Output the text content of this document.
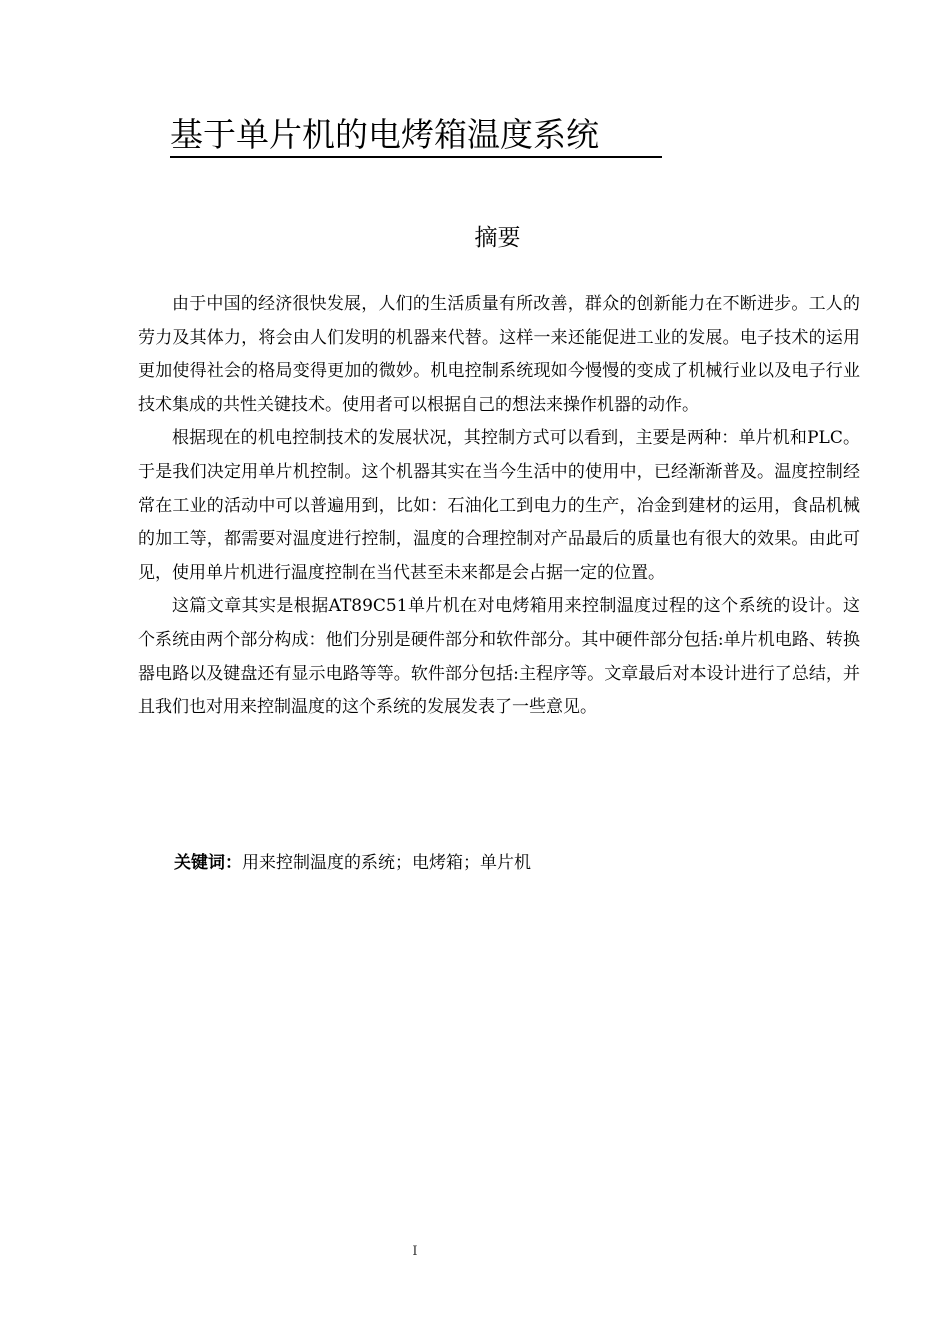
基于单片机的电烤箱温度系统
摘要

由于中国的经济很快发展，人们的生活质量有所改善，群众的创新能力在不断进步。工人的劳力及其体力，将会由人们发明的机器来代替。这样一来还能促进工业的发展。电子技术的运用更加使得社会的格局变得更加的微妙。机电控制系统现如今慢慢的变成了机械行业以及电子行业技术集成的共性关键技术。使用者可以根据自己的想法来操作机器的动作。

根据现在的机电控制技术的发展状况，其控制方式可以看到，主要是两种：单片机和PLC。于是我们决定用单片机控制。这个机器其实在当今生活中的使用中，已经渐渐普及。温度控制经常在工业的活动中可以普遍用到，比如：石油化工到电力的生产，冶金到建材的运用，食品机械的加工等，都需要对温度进行控制，温度的合理控制对产品最后的质量也有很大的效果。由此可见，使用单片机进行温度控制在当代甚至未来都是会占据一定的位置。

这篇文章其实是根据AT89C51单片机在对电烤箱用来控制温度过程的这个系统的设计。这个系统由两个部分构成：他们分别是硬件部分和软件部分。其中硬件部分包括:单片机电路、转换器电路以及键盘还有显示电路等等。软件部分包括:主程序等。文章最后对本设计进行了总结，并且我们也对用来控制温度的这个系统的发展发表了一些意见。

关键词：用来控制温度的系统；电烤箱；单片机
I
